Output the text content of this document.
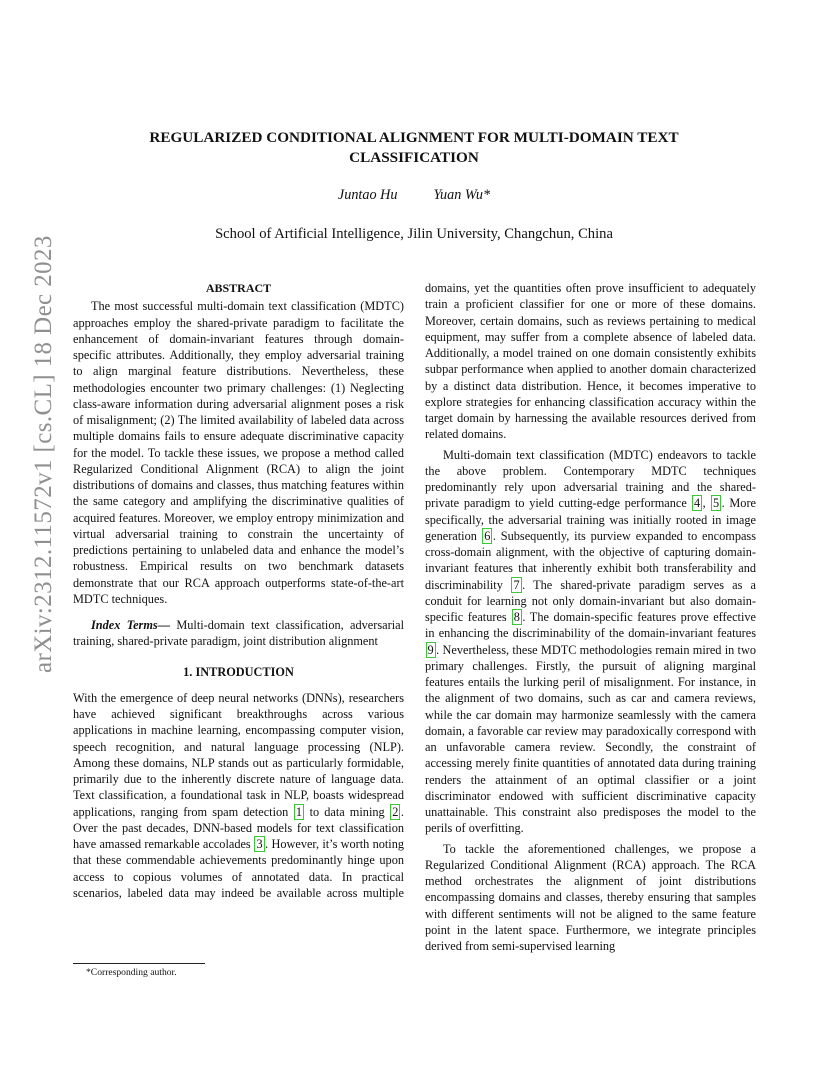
arXiv:2312.11572v1 [cs.CL] 18 Dec 2023
REGULARIZED CONDITIONAL ALIGNMENT FOR MULTI-DOMAIN TEXT CLASSIFICATION
Juntao Hu	Yuan Wu*
School of Artificial Intelligence, Jilin University, Changchun, China
ABSTRACT

The most successful multi-domain text classification (MDTC) approaches employ the shared-private paradigm to facilitate the enhancement of domain-invariant features through domain-specific attributes. Additionally, they employ adversarial training to align marginal feature distributions. Nevertheless, these methodologies encounter two primary challenges: (1) Neglecting class-aware information during adversarial alignment poses a risk of misalignment; (2) The limited availability of labeled data across multiple domains fails to ensure adequate discriminative capacity for the model. To tackle these issues, we propose a method called Regularized Conditional Alignment (RCA) to align the joint distributions of domains and classes, thus matching features within the same category and amplifying the discriminative qualities of acquired features. Moreover, we employ entropy minimization and virtual adversarial training to constrain the uncertainty of predictions pertaining to unlabeled data and enhance the model’s robustness. Empirical results on two benchmark datasets demonstrate that our RCA approach outperforms state-of-the-art MDTC techniques.

Index Terms— Multi-domain text classification, adversarial training, shared-private paradigm, joint distribution alignment

1. INTRODUCTION

With the emergence of deep neural networks (DNNs), researchers have achieved significant breakthroughs across various applications in machine learning, encompassing computer vision, speech recognition, and natural language processing (NLP). Among these domains, NLP stands out as particularly formidable, primarily due to the inherently discrete nature of language data. Text classification, a foundational task in NLP, boasts widespread applications, ranging from spam detection 1 to data mining 2 . Over the past decades, DNN-based models for text classification have amassed remarkable accolades 3 . However, it’s worth noting that these commendable achievements predominantly hinge upon access to copious volumes of annotated data. In practical scenarios, labeled data may indeed be available across multiple

domains, yet the quantities often prove insufficient to adequately train a proficient classifier for one or more of these domains. Moreover, certain domains, such as reviews pertaining to medical equipment, may suffer from a complete absence of labeled data. Additionally, a model trained on one domain consistently exhibits subpar performance when applied to another domain characterized by a distinct data distribution. Hence, it becomes imperative to explore strategies for enhancing classification accuracy within the target domain by harnessing the available resources derived from related domains.

Multi-domain text classification (MDTC) endeavors to tackle the above problem. Contemporary MDTC techniques predominantly rely upon adversarial training and the shared-private paradigm to yield cutting-edge performance 4 , 5 . More specifically, the adversarial training was initially rooted in image generation 6 . Subsequently, its purview expanded to encompass cross-domain alignment, with the objective of capturing domain-invariant features that inherently exhibit both transferability and discriminability 7 . The shared-private paradigm serves as a conduit for learning not only domain-invariant but also domain-specific features 8 . The domain-specific features prove effective in enhancing the discriminability of the domain-invariant features 9 . Nevertheless, these MDTC methodologies remain mired in two primary challenges. Firstly, the pursuit of aligning marginal features entails the lurking peril of misalignment. For instance, in the alignment of two domains, such as car and camera reviews, while the car domain may harmonize seamlessly with the camera domain, a favorable car review may paradoxically correspond with an unfavorable camera review. Secondly, the constraint of accessing merely finite quantities of annotated data during training renders the attainment of an optimal classifier or a joint discriminator endowed with sufficient discriminative capacity unattainable. This constraint also predisposes the model to the perils of overfitting.

To tackle the aforementioned challenges, we propose a Regularized Conditional Alignment (RCA) approach. The RCA method orchestrates the alignment of joint distributions encompassing domains and classes, thereby ensuring that samples with different sentiments will not be aligned to the same feature point in the latent space. Furthermore, we integrate principles derived from semi-supervised learning

*Corresponding author.
